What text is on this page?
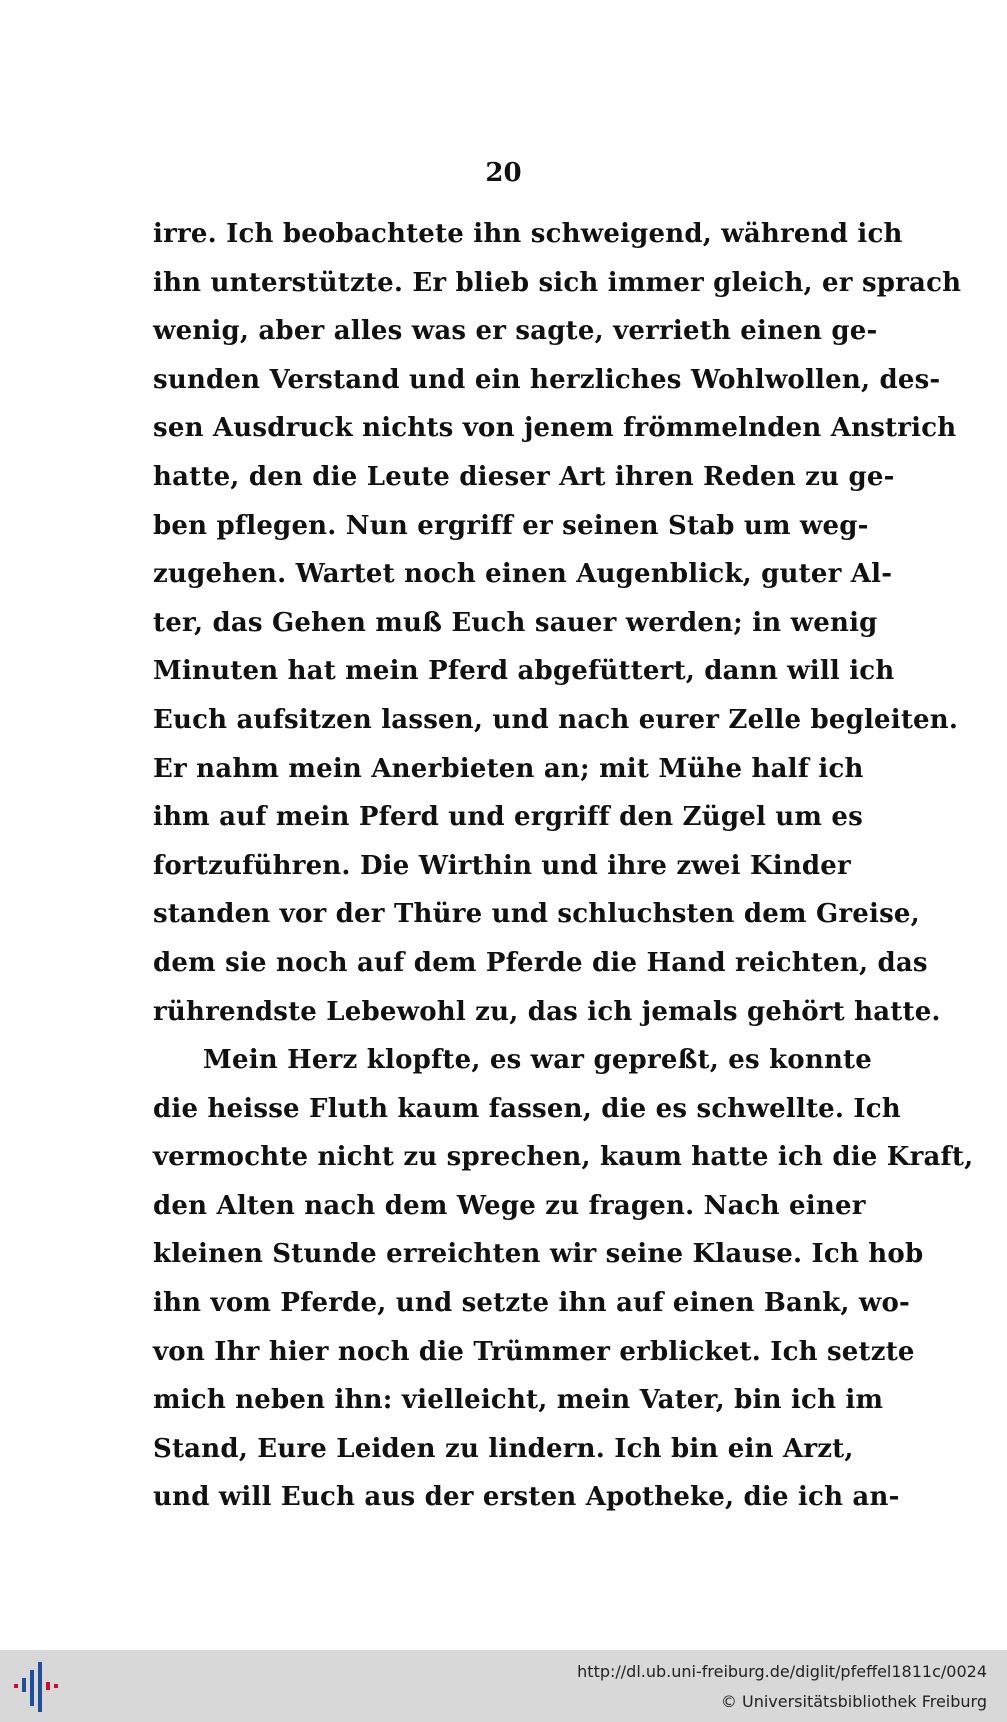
20
irre. Ich beobachtete ihn schweigend, während ich
ihn unterstützte. Er blieb sich immer gleich, er sprach
wenig, aber alles was er sagte, verrieth einen ge-
sunden Verstand und ein herzliches Wohlwollen, des-
sen Ausdruck nichts von jenem frömmelnden Anstrich
hatte, den die Leute dieser Art ihren Reden zu ge-
ben pflegen. Nun ergriff er seinen Stab um weg-
zugehen. Wartet noch einen Augenblick, guter Al-
ter, das Gehen muß Euch sauer werden; in wenig
Minuten hat mein Pferd abgefüttert, dann will ich
Euch aufsitzen lassen, und nach eurer Zelle begleiten.
Er nahm mein Anerbieten an; mit Mühe half ich
ihm auf mein Pferd und ergriff den Zügel um es
fortzuführen. Die Wirthin und ihre zwei Kinder
standen vor der Thüre und schluchsten dem Greise,
dem sie noch auf dem Pferde die Hand reichten, das
rührendste Lebewohl zu, das ich jemals gehört hatte.
Mein Herz klopfte, es war gepreßt, es konnte
die heisse Fluth kaum fassen, die es schwellte. Ich
vermochte nicht zu sprechen, kaum hatte ich die Kraft,
den Alten nach dem Wege zu fragen. Nach einer
kleinen Stunde erreichten wir seine Klause. Ich hob
ihn vom Pferde, und setzte ihn auf einen Bank, wo-
von Ihr hier noch die Trümmer erblicket. Ich setzte
mich neben ihn: vielleicht, mein Vater, bin ich im
Stand, Eure Leiden zu lindern. Ich bin ein Arzt,
und will Euch aus der ersten Apotheke, die ich an-
http://dl.ub.uni-freiburg.de/diglit/pfeffel1811c/0024
© Universitätsbibliothek Freiburg
